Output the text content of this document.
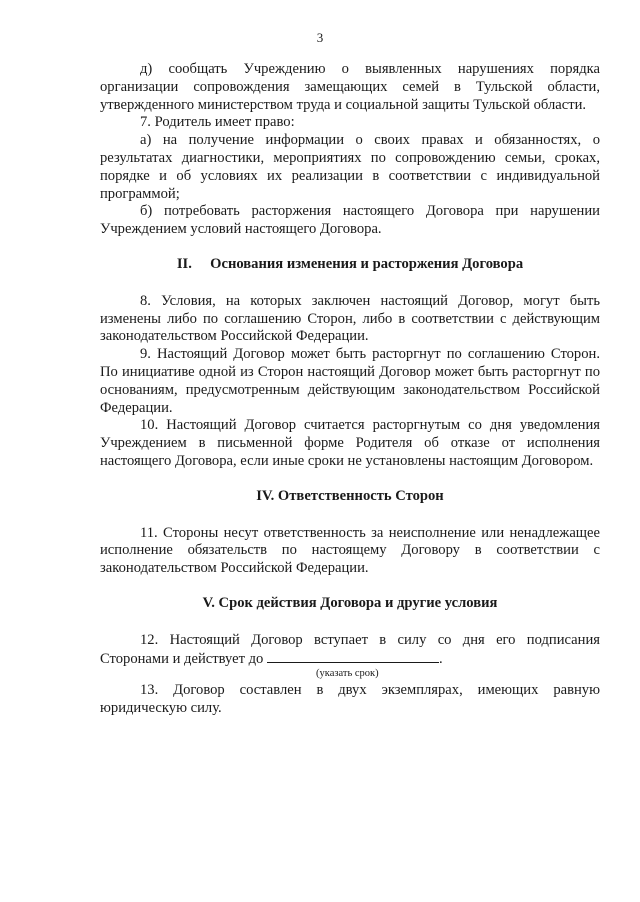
3

д) сообщать Учреждению о выявленных нарушениях порядка организации сопровождения замещающих семей в Тульской области, утвержденного министерством труда и социальной защиты Тульской области.

7. Родитель имеет право:

а) на получение информации о своих правах и обязанностях, о результатах диагностики, мероприятиях по сопровождению семьи, сроках, порядке и об условиях их реализации в соответствии с индивидуальной программой;

б) потребовать расторжения настоящего Договора при нарушении Учреждением условий настоящего Договора.

II.     Основания изменения и расторжения Договора

8. Условия, на которых заключен настоящий Договор, могут быть изменены либо по соглашению Сторон, либо в соответствии с действующим законодательством Российской Федерации.

9. Настоящий Договор может быть расторгнут по соглашению Сторон. По инициативе одной из Сторон настоящий Договор может быть расторгнут по основаниям, предусмотренным действующим законодательством Российской Федерации.

10. Настоящий Договор считается расторгнутым со дня уведомления Учреждением в письменной форме Родителя об отказе от исполнения настоящего Договора, если иные сроки не установлены настоящим Договором.

IV. Ответственность Сторон

11. Стороны несут ответственность за неисполнение или ненадлежащее исполнение обязательств по настоящему Договору в соответствии с законодательством Российской Федерации.

V. Срок действия Договора и другие условия

12. Настоящий Договор вступает в силу со дня его подписания Сторонами и действует до	.

(указать срок)

13. Договор составлен в двух экземплярах, имеющих равную юридическую силу.
